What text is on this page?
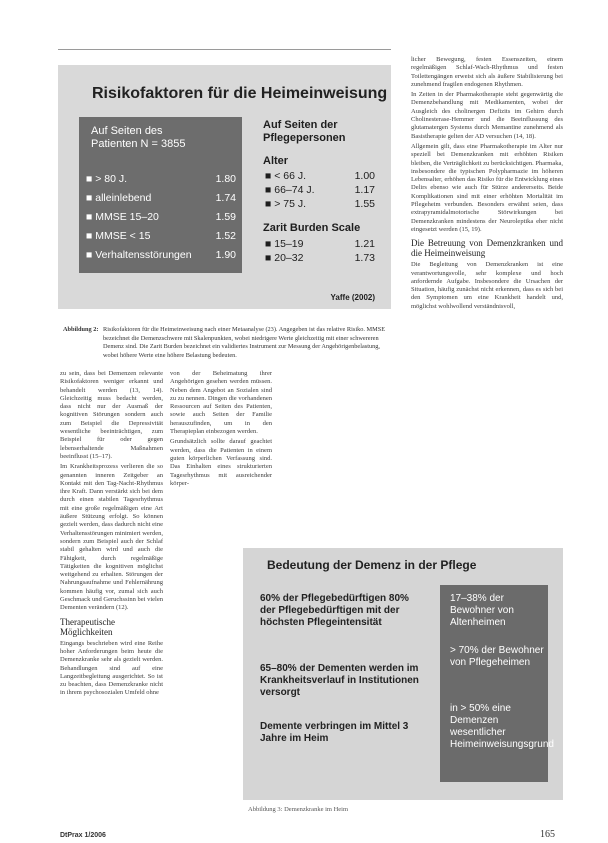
Risikofaktoren für die Heimeinweisung
Auf Seiten des Patienten N = 3855
■ > 80 J.	1.80
■ alleinlebend	1.74
■ MMSE 15–20	1.59
■ MMSE < 15	1.52
■ Verhaltensstörungen 1.90
Auf Seiten der Pflegepersonen
Alter
■ < 66 J.	1.00
■ 66–74 J.	1.17
■ > 75 J.	1.55
Zarit Burden Scale
■ 15–19	1.21
■ 20–32	1.73
Yaffe (2002)
Abbildung 2: Risikofaktoren für die Heimeinweisung nach einer Metaanalyse (23). Angegeben ist das relative Risiko. MMSE bezeichnet die Demenzschwere mit Skalenpunkten, wobei niedrigere Werte gleichzeitig mit einer schwereren Demenz sind. Die Zarit Burden bezeichnet ein validiertes Instrument zur Messung der Angehörigenbelastung, wobei höhere Werte eine höhere Belastung bedeuten.

zu sein, dass bei Demenzen relevante Risikofaktoren weniger erkannt und behandelt werden (13, 14). Gleichzeitig muss bedacht werden, dass nicht nur der Ausmaß der kognitiven Störungen sondern auch zum Beispiel die Depressivität wesentliche beeinträchtigen, zum Beispiel für oder gegen lebenserhaltende Maßnahmen beeinflusst (15–17).

Im Krankheitsprozess verlieren die so genannten inneren Zeitgeber an Kontakt mit den Tag-Nacht-Rhythmus ihre Kraft. Dann verstärkt sich bei dem durch einen stabilen Tagesrhythmus mit eine große regelmäßigen eine Art äußere Stützung erfolgt. So können gezielt werden, dass dadurch nicht eine Verhaltensstörungen minimiert werden, sondern zum Beispiel auch der Schlaf stabil gehalten wird und auch die Fähigkeit, durch regelmäßige Tätigkeiten die kognitiven möglichst weitgehend zu erhalten. Störungen der Nahrungsaufnahme und Fehlernährung kommen häufig vor, zumal sich auch Geschmack und Geruchssinn bei vielen Dementen verändern (12).

Therapeutische Möglichkeiten

Eingangs beschrieben wird eine Reihe hoher Anforderungen beim heute die Demenzkranke sehr als gezielt werden. Behandlungen sind auf eine Langzeitbegleitung ausgerichtet. So ist zu beachten, dass Demenzkranke nicht in ihrem psychosozialen Umfeld ohne

von der Beheimatung ihrer Angehörigen gesehen werden müssen. Neben dem Angebot an Sozialen sind zu zu nennen. Dingen die vorhandenen Ressourcen auf Seiten des Patienten, sowie auch Seiten der Familie herauszufinden, um in den Therapieplan einbezogen werden.

Grundsätzlich sollte darauf geachtet werden, dass die Patienten in einem guten körperlichen Verfassung sind. Das Einhalten eines strukturierten Tagesrhythmus mit ausreichender körper-

licher Bewegung, festen Essenszeiten, einem regelmäßigen Schlaf-Wach-Rhythmus und festen Toilettengängen erweist sich als äußere Stabilisierung bei zunehmend fragilen endogenen Rhythmen.

In Zeiten in der Pharmakotherapie steht gegenwärtig die Demenzbehandlung mit Medikamenten, wobei der Ausgleich des cholinergen Defizits im Gehirn durch Cholinesterase-Hemmer und die Beeinflussung des glutamatergen Systems durch Memantine zunehmend als Basistherapie gelten der AD versuchen (14, 18).

Allgemein gilt, dass eine Pharmakotherapie im Alter nur speziell bei Demenzkranken mit erhöhten Risiken bleiben, die Verträglichkeit zu berücksichtigen. Pharmaka, insbesondere die typischen Polypharmazie im höheren Lebensalter, erhöhen das Risiko für die Entwicklung eines Delirs ebenso wie auch für Stürze andererseits. Beide Komplikationen sind mit einer erhöhten Mortalität im Pflegeheim verbunden. Besonders erwähnt seien, dass extrapyramidalmotorische Störwirkungen bei Demenzkranken mindestens der Neuroleptika eher nicht eingesetzt werden (15, 19).

Die Betreuung von Demenzkranken und die Heimeinweisung

Die Begleitung von Demenzkranken ist eine verantwortungsvolle, sehr komplexe und hoch anfordernde Aufgabe. Insbesondere die Ursachen der Situation, häufig zunächst nicht erkennen, dass es sich bei den Symptomen um eine Krankheit handelt und, möglichst wohlwollend verständnisvoll,

Bedeutung der Demenz in der Pflege
60% der Pflegebedürftigen 80% der Pflegebedürftigen mit der höchsten Pflegeintensität
65–80% der Dementen werden im Krankheitsverlauf in Institutionen versorgt
Demente verbringen im Mittel 3 Jahre im Heim
17–38% der Bewohner von Altenheimen
> 70% der Bewohner von Pflegeheimen
in > 50% eine Demenzen wesentlicher Heimeinweisungsgrund
Abbildung 3: Demenzkranke im Heim
DtPrax 1/2006	165
